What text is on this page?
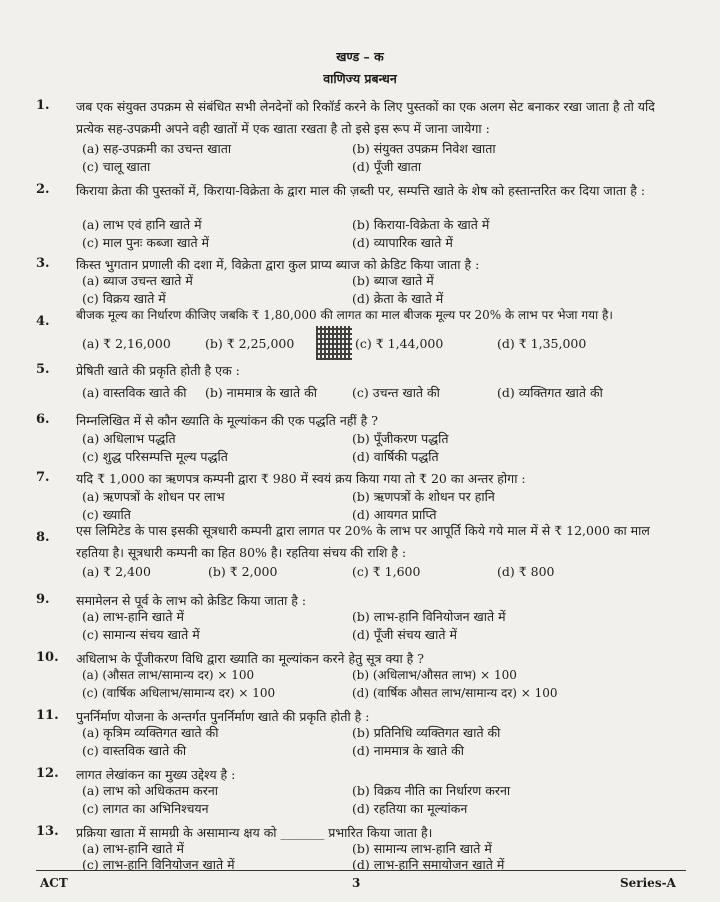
खण्ड – क
वाणिज्य प्रबन्धन
1. जब एक संयुक्त उपक्रम से संबंधित सभी लेनदेनों को रिकॉर्ड करने के लिए पुस्तकों का एक अलग सेट बनाकर रखा जाता है तो यदि प्रत्येक सह-उपक्रमी अपने वही खातों में एक खाता रखता है तो इसे इस रूप में जाना जायेगा :
(a) सह-उपक्रमी का उचन्त खाता	(b) संयुक्त उपक्रम निवेश खाता
(c) चालू खाता	(d) पूँजी खाता
2. किराया क्रेता की पुस्तकों में, किराया-विक्रेता के द्वारा माल की ज़ब्ती पर, सम्पत्ति खाते के शेष को हस्तान्तरित कर दिया जाता है :
(a) लाभ एवं हानि खाते में	(b) किराया-विक्रेता के खाते में
(c) माल पुनः कब्जा खाते में	(d) व्यापारिक खाते में
3. किस्त भुगतान प्रणाली की दशा में, विक्रेता द्वारा कुल प्राप्य ब्याज को क्रेडिट किया जाता है :
(a) ब्याज उचन्त खाते में	(b) ब्याज खाते में
(c) विक्रय खाते में	(d) क्रेता के खाते में
4. बीजक मूल्य का निर्धारण कीजिए जबकि ₹ 1,80,000 की लागत का माल बीजक मूल्य पर 20% के लाभ पर भेजा गया है।
(a) ₹ 2,16,000	(b) ₹ 2,25,000	(c) ₹ 1,44,000	(d) ₹ 1,35,000
5. प्रेषिती खाते की प्रकृति होती है एक :
(a) वास्तविक खाते की (b) नाममात्र के खाते की	(c) उचन्त खाते की	(d) व्यक्तिगत खाते की
6. निम्नलिखित में से कौन ख्याति के मूल्यांकन की एक पद्धति नहीं है ?
(a) अधिलाभ पद्धति	(b) पूँजीकरण पद्धति
(c) शुद्ध परिसम्पत्ति मूल्य पद्धति	(d) वार्षिकी पद्धति
7. यदि ₹ 1,000 का ऋणपत्र कम्पनी द्वारा ₹ 980 में स्वयं क्रय किया गया तो ₹ 20 का अन्तर होगा :
(a) ऋणपत्रों के शोधन पर लाभ	(b) ऋणपत्रों के शोधन पर हानि
(c) ख्याति	(d) आयगत प्राप्ति
8. एस लिमिटेड के पास इसकी सूत्रधारी कम्पनी द्वारा लागत पर 20% के लाभ पर आपूर्ति किये गये माल में से ₹ 12,000 का माल रहतिया है। सूत्रधारी कम्पनी का हित 80% है। रहतिया संचय की राशि है :
(a) ₹ 2,400	(b) ₹ 2,000	(c) ₹ 1,600	(d) ₹ 800
9. समामेलन से पूर्व के लाभ को क्रेडिट किया जाता है :
(a) लाभ-हानि खाते में	(b) लाभ-हानि विनियोजन खाते में
(c) सामान्य संचय खाते में	(d) पूँजी संचय खाते में
10. अधिलाभ के पूँजीकरण विधि द्वारा ख्याति का मूल्यांकन करने हेतु सूत्र क्या है ?
(a) (औसत लाभ/सामान्य दर) × 100	(b) (अधिलाभ/औसत लाभ) × 100
(c) (वार्षिक अधिलाभ/सामान्य दर) × 100	(d) (वार्षिक औसत लाभ/सामान्य दर) × 100
11. पुनर्निर्माण योजना के अन्तर्गत पुनर्निर्माण खाते की प्रकृति होती है :
(a) कृत्रिम व्यक्तिगत खाते की	(b) प्रतिनिधि व्यक्तिगत खाते की
(c) वास्तविक खाते की	(d) नाममात्र के खाते की
12. लागत लेखांकन का मुख्य उद्देश्य है :
(a) लाभ को अधिकतम करना	(b) विक्रय नीति का निर्धारण करना
(c) लागत का अभिनिश्चयन	(d) रहतिया का मूल्यांकन
13. प्रक्रिया खाता में सामग्री के असामान्य क्षय को _______ प्रभारित किया जाता है।
(a) लाभ-हानि खाते में	(b) सामान्य लाभ-हानि खाते में
(c) लाभ-हानि विनियोजन खाते में	(d) लाभ-हानि समायोजन खाते में
ACT	3	Series-A
